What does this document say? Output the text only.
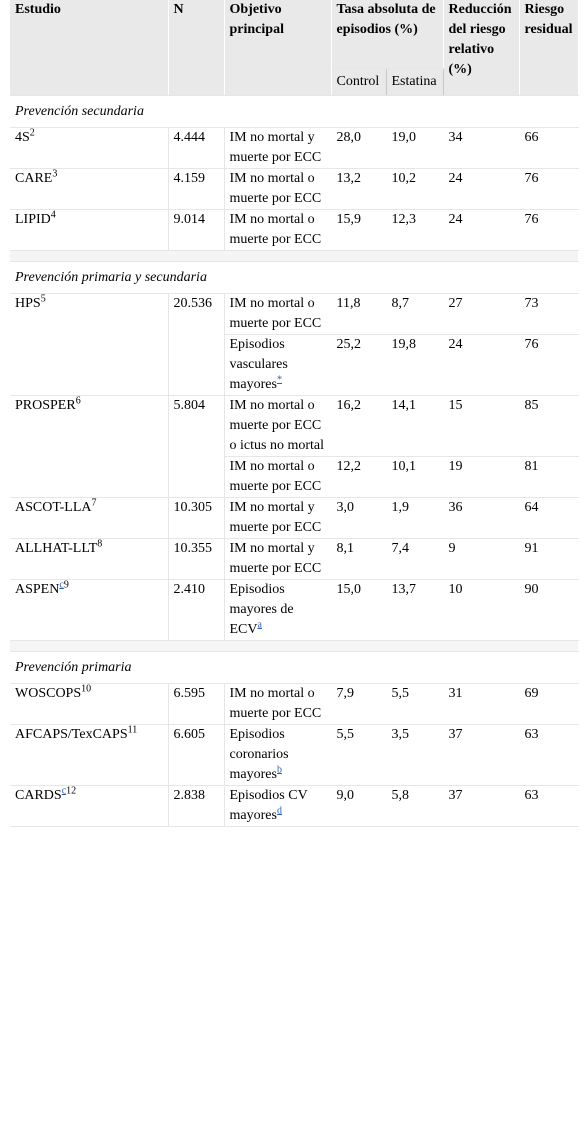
Estudio	N	Objetivo principal	Tasa absoluta de episodios (%)		Reducción del riesgo relativo (%)	Riesgo residual
			Control	Estatina		
Prevención secundaria						
$4S^2$	4.444	IM no mortal y muerte por ECC	28,0	19,0	34	66
CARE$^3$	4.159	IM no mortal o muerte por ECC	13,2	10,2	24	76
LIPID$^4$	9.014	IM no mortal o muerte por ECC	15,9	12,3	24	76

Prevención primaria y secundaria						
HPS$^5$	20.536	IM no mortal o muerte por ECC	11,8	8,7	27	73
		Episodios vasculares mayores*	25,2	19,8	24	76
PROSPER$^6$	5.804	IM no mortal o muerte por ECC o ictus no mortal	16,2	14,1	15	85
		IM no mortal o muerte por ECC	12,2	10,1	19	81
ASCOT-LLA$^7$	10.305	IM no mortal y muerte por ECC	3,0	1,9	36	64
ALLHAT-LLT$^8$	10.355	IM no mortal y muerte por ECC	8,1	7,4	9	91
ASPEN$^{c9}$	2.410	Episodios mayores de ECV$^a$	15,0	13,7	10	90

Prevención primaria						
WOSCOPS$^{10}$	6.595	IM no mortal o muerte por ECC	7,9	5,5	31	69
AFCAPS/TexCAPS$^{11}$	6.605	Episodios coronarios mayores$^b$	5,5	3,5	37	63
CARDS$^{c12}$	2.838	Episodios CV mayores$^d$	9,0	5,8	37	63
